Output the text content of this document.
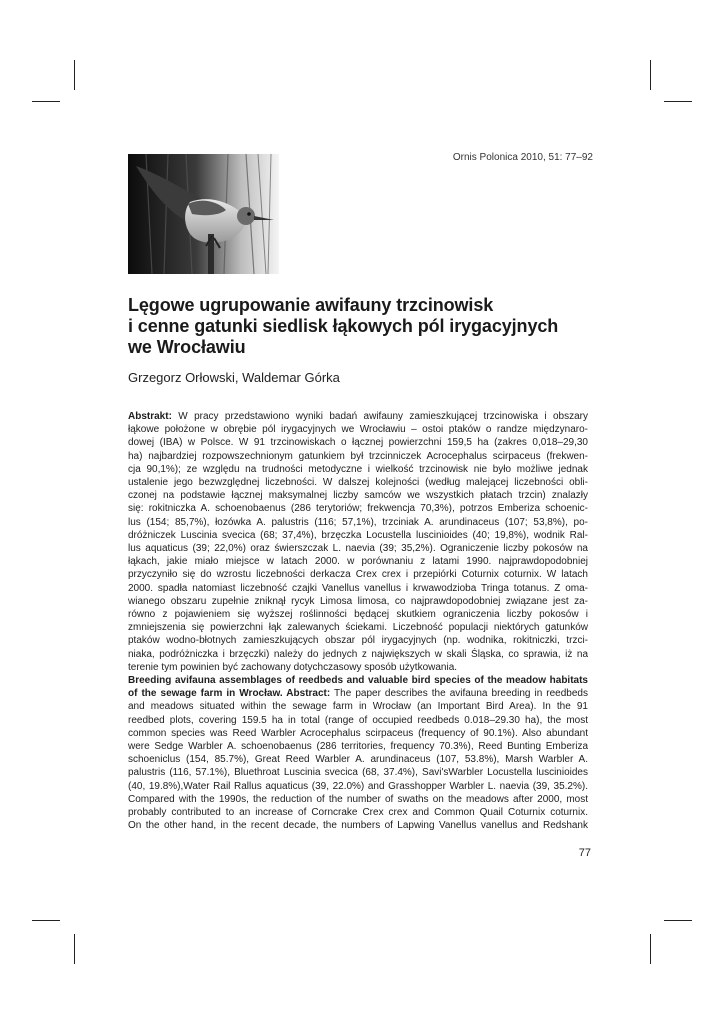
Ornis Polonica 2010, 51: 77–92
Lęgowe ugrupowanie awifauny trzcinowisk
i cenne gatunki siedlisk łąkowych pól irygacyjnych
we Wrocławiu
Grzegorz Orłowski, Waldemar Górka
Abstrakt: W pracy przedstawiono wyniki badań awifauny zamieszkującej trzcinowiska i obszary
łąkowe położone w obrębie pól irygacyjnych we Wrocławiu – ostoi ptaków o randze międzynaro-
dowej (IBA) w Polsce. W 91 trzcinowiskach o łącznej powierzchni 159,5 ha (zakres 0,018–29,30
ha) najbardziej rozpowszechnionym gatunkiem był trzcinniczek Acrocephalus scirpaceus (frekwen-
cja 90,1%); ze względu na trudności metodyczne i wielkość trzcinowisk nie było możliwe jednak
ustalenie jego bezwzględnej liczebności. W dalszej kolejności (według malejącej liczebności obli-
czonej na podstawie łącznej maksymalnej liczby samców we wszystkich płatach trzcin) znalazły
się: rokitniczka A. schoenobaenus (286 terytoriów; frekwencja 70,3%), potrzos Emberiza schoenic-
lus (154; 85,7%), łozówka A. palustris (116; 57,1%), trzciniak A. arundinaceus (107; 53,8%), po-
dróżniczek Luscinia svecica (68; 37,4%), brzęczka Locustella luscinioides (40; 19,8%), wodnik Ral-
lus aquaticus (39; 22,0%) oraz świerszczak L. naevia (39; 35,2%). Ograniczenie liczby pokosów na
łąkach, jakie miało miejsce w latach 2000. w porównaniu z latami 1990. najprawdopodobniej
przyczyniło się do wzrostu liczebności derkacza Crex crex i przepiórki Coturnix coturnix. W latach
2000. spadła natomiast liczebność czajki Vanellus vanellus i krwawodzioba Tringa totanus. Z oma-
wianego obszaru zupełnie zniknął rycyk Limosa limosa, co najprawdopodobniej związane jest za-
równo z pojawieniem się wyższej roślinności będącej skutkiem ograniczenia liczby pokosów i
zmniejszenia się powierzchni łąk zalewanych ściekami. Liczebność populacji niektórych gatunków
ptaków wodno-błotnych zamieszkujących obszar pól irygacyjnych (np. wodnika, rokitniczki, trzci-
niaka, podróżniczka i brzęczki) należy do jednych z największych w skali Śląska, co sprawia, iż na
terenie tym powinien być zachowany dotychczasowy sposób użytkowania.
Breeding avifauna assemblages of reedbeds and valuable bird species of the meadow habitats
of the sewage farm in Wrocław. Abstract: The paper describes the avifauna breeding in reedbeds
and meadows situated within the sewage farm in Wrocław (an Important Bird Area). In the 91
reedbed plots, covering 159.5 ha in total (range of occupied reedbeds 0.018–29.30 ha), the most
common species was Reed Warbler Acrocephalus scirpaceus (frequency of 90.1%). Also abundant
were Sedge Warbler A. schoenobaenus (286 territories, frequency 70.3%), Reed Bunting Emberiza
schoeniclus (154, 85.7%), Great Reed Warbler A. arundinaceus (107, 53.8%), Marsh Warbler A.
palustris (116, 57.1%), Bluethroat Luscinia svecica (68, 37.4%), Savi'sWarbler Locustella luscinioides
(40, 19.8%),Water Rail Rallus aquaticus (39, 22.0%) and Grasshopper Warbler L. naevia (39, 35.2%).
Compared with the 1990s, the reduction of the number of swaths on the meadows after 2000, most
probably contributed to an increase of Corncrake Crex crex and Common Quail Coturnix coturnix.
On the other hand, in the recent decade, the numbers of Lapwing Vanellus vanellus and Redshank
77
